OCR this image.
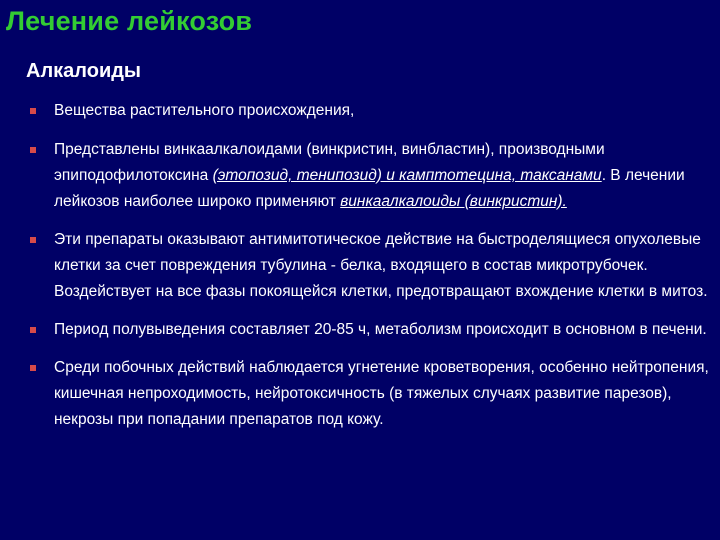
Лечение лейкозов
Алкалоиды
Вещества растительного происхождения,
Представлены винкаалкалоидами (винкристин, винбластин), производными эпиподофилотоксина (этопозид, тенипозид) и камптотецина, таксанами. В лечении лейкозов наиболее широко применяют винкаалкалоиды (винкристин).
Эти препараты оказывают антимитотическое действие на быстроделящиеся опухолевые клетки за счет повреждения тубулина - белка, входящего в состав микротрубочек. Воздействует на все фазы покоящейся клетки, предотвращают вхождение клетки в митоз.
Период полувыведения составляет 20-85 ч, метаболизм происходит в основном в печени.
Среди побочных действий наблюдается угнетение кроветворения, особенно нейтропения, кишечная непроходимость, нейротоксичность (в тяжелых случаях развитие парезов), некрозы при попадании препаратов под кожу.
